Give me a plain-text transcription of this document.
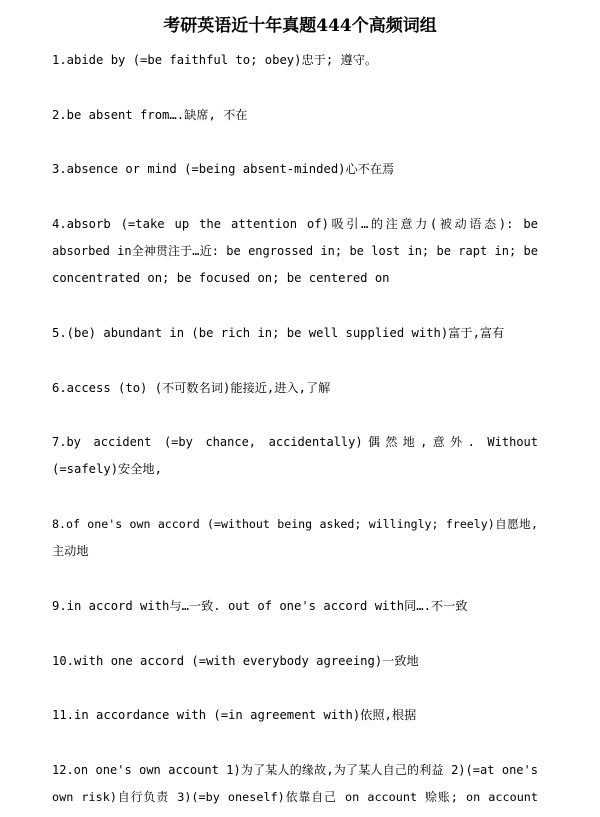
考研英语近十年真题444个高频词组
1.abide by (=be faithful to; obey)忠于; 遵守。
2.be absent from….缺席, 不在
3.absence or mind (=being absent-minded)心不在焉
4.absorb (=take up the attention of)吸引…的注意力(被动语态): be
absorbed in全神贯注于…近: be engrossed in; be lost in; be rapt in; be
concentrated on; be focused on; be centered on
5.(be) abundant in (be rich in; be well supplied with)富于,富有
6.access (to) (不可数名词)能接近,进入,了解
7.by accident (=by chance, accidentally)偶然地,意外. Without
(=safely)安全地,
8.of one's own accord (=without being asked; willingly; freely)自愿地,
主动地
9.in accord with与…一致. out of one's accord with同….不一致
10.with one accord (=with everybody agreeing)一致地
11.in accordance with (=in agreement with)依照,根据
12.on one's own account 1)为了某人的缘故,为了某人自己的利益 2)(=at one's
own risk)自行负责 3)(=by oneself)依靠自己 on account 赊账; on account
